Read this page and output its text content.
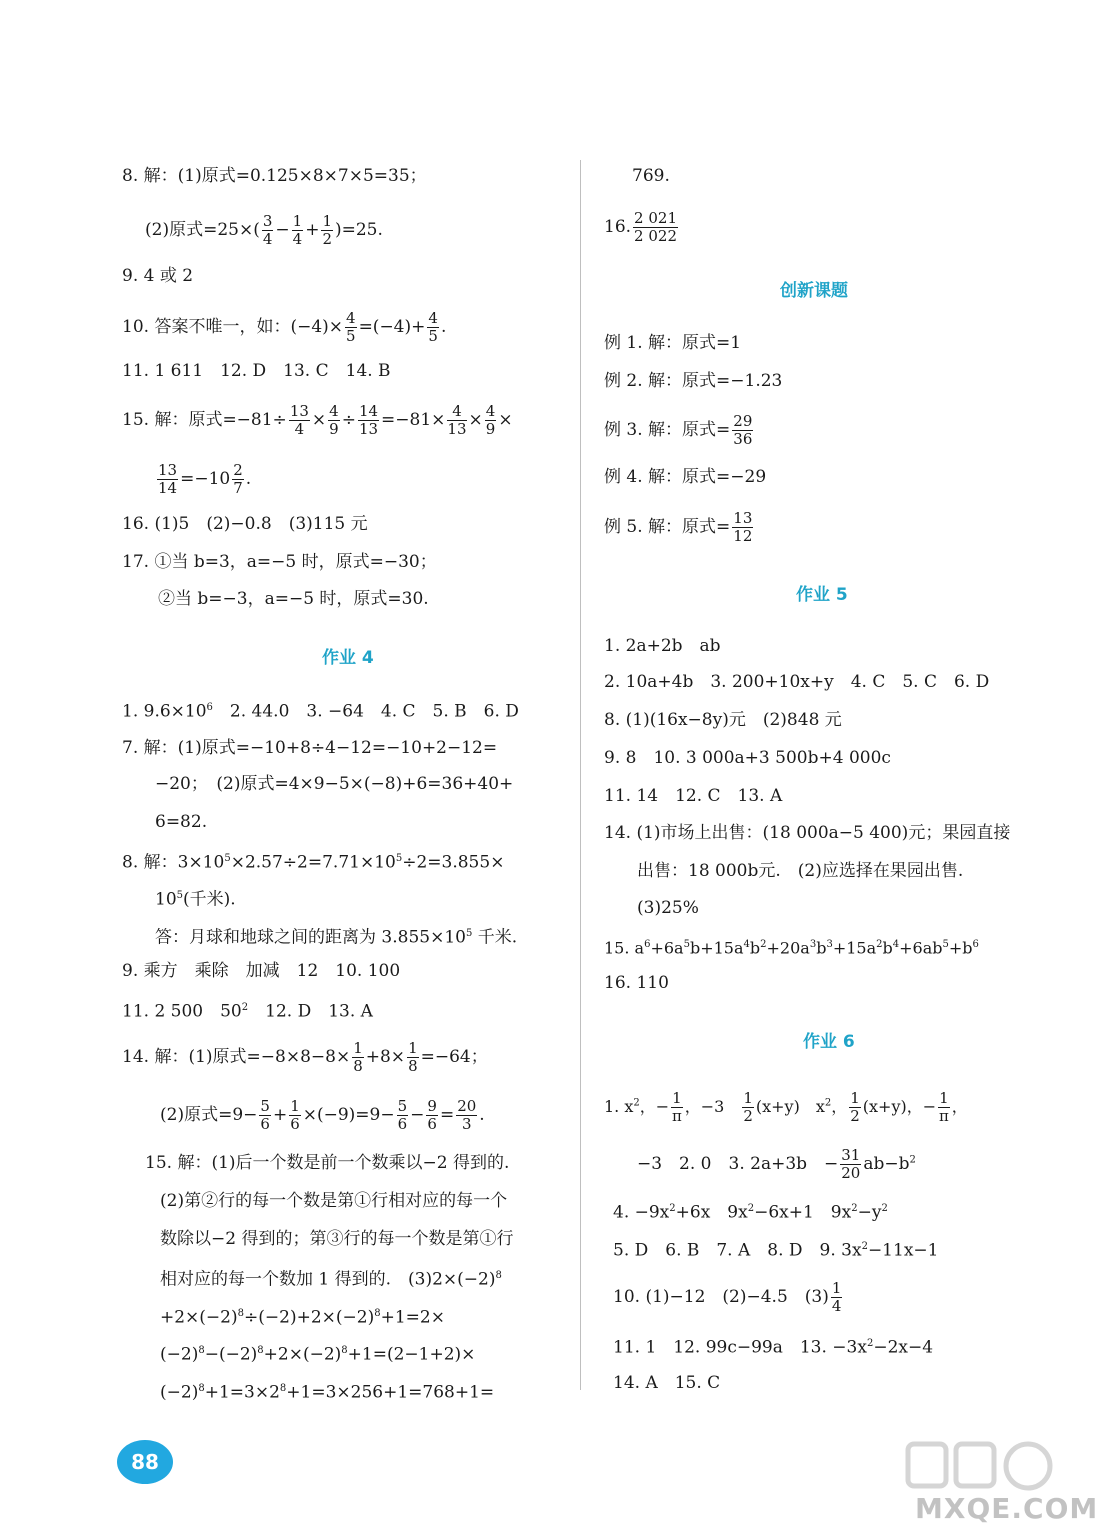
8. 解：(1)原式=0.125×8×7×5=35；
(2)原式$=25\times( \frac{3}{4} - \frac{1}{4} + \frac{1}{2} )=25$.
9. 4 或 2
10. 答案不唯一，如：$(-4)\times \frac{4}{5} =(-4)+ \frac{4}{5}$ .
11. 1 611　12. D　13. C　14. B
15. 解：原式$=-81\div \frac{13}{4} \times \frac{4}{9} \div \frac{14}{13} =-81\times \frac{4}{13} \times \frac{4}{9}$ ×
$\frac{13}{14} =-10 \frac{2}{7}$ .
16. (1)5　(2)−0.8　(3)115 元
17. ①当 b=3，a=−5 时，原式=−30；
②当 b=−3，a=−5 时，原式=30.
作业 4
1. $9.6\times 10^6$　2. 44.0　3. −64　4. C　5. B　6. D
7. 解：(1)原式=−10+8÷4−12=−10+2−12=
−20；　(2)原式=4×9−5×(−8)+6=36+40+
6=82.
8. 解：$3\times 10^5\times 2.57\div 2=7.71\times 10^5\div 2=3.855\times$
$10^5$(千米).
答：月球和地球之间的距离为 $3.855\times 10^5$ 千米.
9. 乘方　乘除　加减　12　10. 100
11. 2 500　$50^2$　12. D　13. A
14. 解：(1)原式$=-8\times 8-8\times \frac{1}{8} +8\times \frac{1}{8} =-64$；
(2)原式$=9- \frac{5}{6} + \frac{1}{6} \times(-9)=9- \frac{5}{6} - \frac{9}{6} = \frac{20}{3}$ .
15. 解：(1)后一个数是前一个数乘以−2 得到的.
(2)第②行的每一个数是第①行相对应的每一个
数除以−2 得到的；第③行的每一个数是第①行
相对应的每一个数加 1 得到的.　$(3)2\times(-2)^8$
$+2\times(-2)^8\div(-2)+2\times(-2)^8+1=2\times$
$(-2)^8-(-2)^8+2\times(-2)^8+1=(2-1+2)\times$
$(-2)^8+1=3\times 2^8+1=3\times 256+1=768+1=$
769.
16. $\frac{2 021}{2 022}$
创新课题
例 1. 解：原式=1
例 2. 解：原式=−1.23
例 3. 解：原式= $\frac{29}{36}$
例 4. 解：原式=−29
例 5. 解：原式= $\frac{13}{12}$
作业 5
1. 2a+2b　ab
2. 10a+4b　3. 200+10x+y　4. C　5. C　6. D
8. (1)(16x−8y)元　(2)848 元
9. 8　10. 3 000a+3 500b+4 000c
11. 14　12. C　13. A
14. (1)市场上出售：(18 000a−5 400)元；果园直接
出售：18 000b元.　(2)应选择在果园出售.
(3)25%
15. $a^6+6a^5b+15a^4b^2+20a^3b^3+15a^2b^4+6ab^5+b^6$
16. 110
作业 6
1. $x^2$，− $\frac{1}{\pi}$ ，−3　 $\frac{1}{2} (x+y)$　$x^2$， $\frac{1}{2} (x+y)$，− $\frac{1}{\pi}$ ，
−3　2. 0　3. 2a+3b　− $\frac{31}{20} ab-b^2$
4. $-9x^2+6x$　$9x^2-6x+1$　$9x^2-y^2$
5. D　6. B　7. A　8. D　9. $3x^2-11x-1$
10. (1)−12　(2)−4.5　$(3) \frac{1}{4}$
11. 1　12. 99c−99a　13. $-3x^2-2x-4$
14. A　15. C
88
MXQE.COM
